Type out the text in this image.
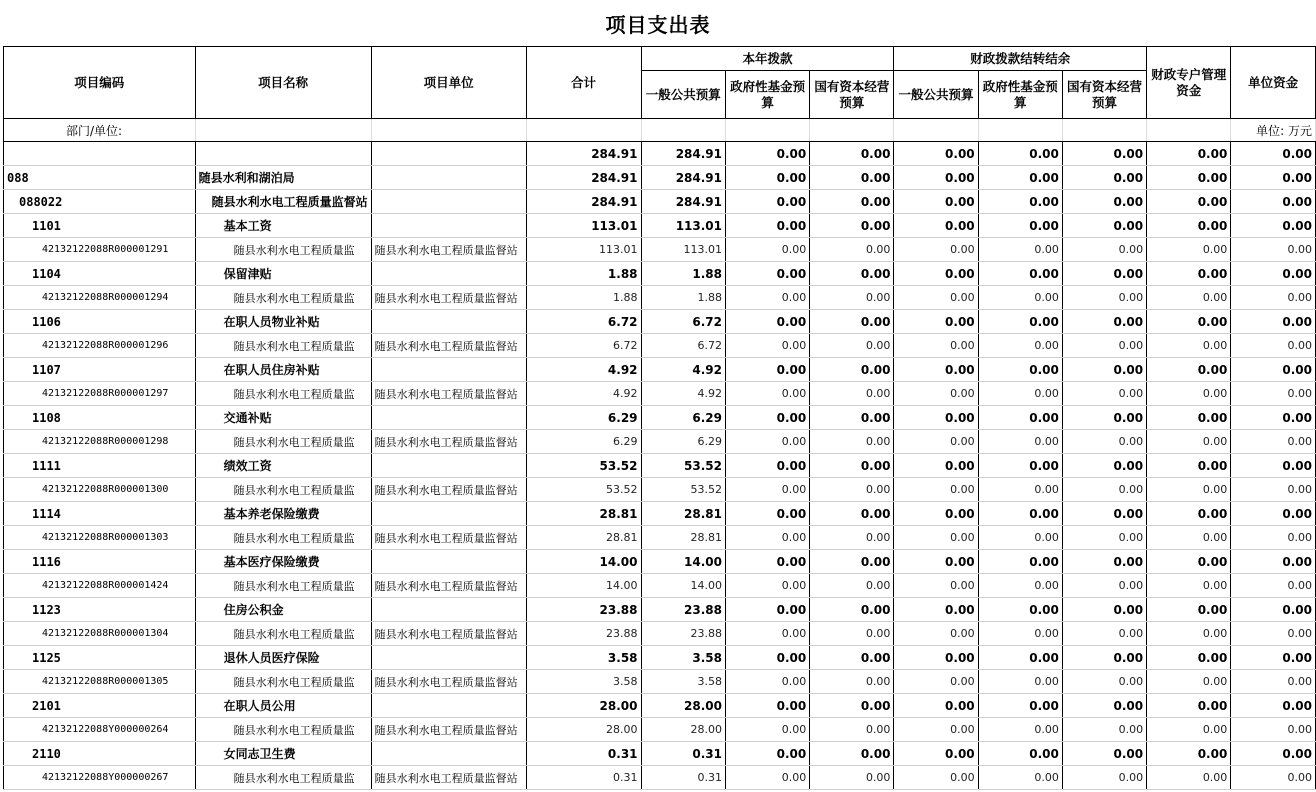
项目支出表
部门/单位:											单位: 万元
项目编码	项目名称	项目单位	合计	本年拨款			财政拨款结转结余			财政专户管理资金	单位资金
				一般公共预算	政府性基金预算	国有资本经营预算	一般公共预算	政府性基金预算	国有资本经营预算		
			284.91	284.91	0.00	0.00	0.00	0.00	0.00	0.00	0.00
088	随县水利和湖泊局		284.91	284.91	0.00	0.00	0.00	0.00	0.00	0.00	0.00
088022	随县水利水电工程质量监督站		284.91	284.91	0.00	0.00	0.00	0.00	0.00	0.00	0.00
1101	基本工资		113.01	113.01	0.00	0.00	0.00	0.00	0.00	0.00	0.00
42132122088R000001291	随县水利水电工程质量监	随县水利水电工程质量监督站	113.01	113.01	0.00	0.00	0.00	0.00	0.00	0.00	0.00
1104	保留津贴		1.88	1.88	0.00	0.00	0.00	0.00	0.00	0.00	0.00
42132122088R000001294	随县水利水电工程质量监	随县水利水电工程质量监督站	1.88	1.88	0.00	0.00	0.00	0.00	0.00	0.00	0.00
1106	在职人员物业补贴		6.72	6.72	0.00	0.00	0.00	0.00	0.00	0.00	0.00
42132122088R000001296	随县水利水电工程质量监	随县水利水电工程质量监督站	6.72	6.72	0.00	0.00	0.00	0.00	0.00	0.00	0.00
1107	在职人员住房补贴		4.92	4.92	0.00	0.00	0.00	0.00	0.00	0.00	0.00
42132122088R000001297	随县水利水电工程质量监	随县水利水电工程质量监督站	4.92	4.92	0.00	0.00	0.00	0.00	0.00	0.00	0.00
1108	交通补贴		6.29	6.29	0.00	0.00	0.00	0.00	0.00	0.00	0.00
42132122088R000001298	随县水利水电工程质量监	随县水利水电工程质量监督站	6.29	6.29	0.00	0.00	0.00	0.00	0.00	0.00	0.00
1111	绩效工资		53.52	53.52	0.00	0.00	0.00	0.00	0.00	0.00	0.00
42132122088R000001300	随县水利水电工程质量监	随县水利水电工程质量监督站	53.52	53.52	0.00	0.00	0.00	0.00	0.00	0.00	0.00
1114	基本养老保险缴费		28.81	28.81	0.00	0.00	0.00	0.00	0.00	0.00	0.00
42132122088R000001303	随县水利水电工程质量监	随县水利水电工程质量监督站	28.81	28.81	0.00	0.00	0.00	0.00	0.00	0.00	0.00
1116	基本医疗保险缴费		14.00	14.00	0.00	0.00	0.00	0.00	0.00	0.00	0.00
42132122088R000001424	随县水利水电工程质量监	随县水利水电工程质量监督站	14.00	14.00	0.00	0.00	0.00	0.00	0.00	0.00	0.00
1123	住房公积金		23.88	23.88	0.00	0.00	0.00	0.00	0.00	0.00	0.00
42132122088R000001304	随县水利水电工程质量监	随县水利水电工程质量监督站	23.88	23.88	0.00	0.00	0.00	0.00	0.00	0.00	0.00
1125	退休人员医疗保险		3.58	3.58	0.00	0.00	0.00	0.00	0.00	0.00	0.00
42132122088R000001305	随县水利水电工程质量监	随县水利水电工程质量监督站	3.58	3.58	0.00	0.00	0.00	0.00	0.00	0.00	0.00
2101	在职人员公用		28.00	28.00	0.00	0.00	0.00	0.00	0.00	0.00	0.00
42132122088Y000000264	随县水利水电工程质量监	随县水利水电工程质量监督站	28.00	28.00	0.00	0.00	0.00	0.00	0.00	0.00	0.00
2110	女同志卫生费		0.31	0.31	0.00	0.00	0.00	0.00	0.00	0.00	0.00
42132122088Y000000267	随县水利水电工程质量监	随县水利水电工程质量监督站	0.31	0.31	0.00	0.00	0.00	0.00	0.00	0.00	0.00
